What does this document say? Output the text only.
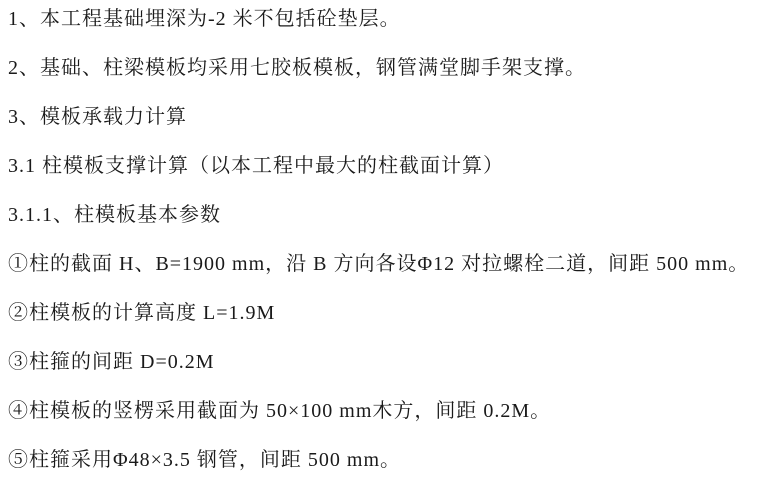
1、本工程基础埋深为-2 米不包括砼垫层。

2、基础、柱梁模板均采用七胶板模板，钢管满堂脚手架支撑。

3、模板承载力计算

3.1 柱模板支撑计算（以本工程中最大的柱截面计算）

3.1.1、柱模板基本参数

①柱的截面 H、B=1900 mm，沿 B 方向各设Φ12 对拉螺栓二道，间距 500 mm。

②柱模板的计算高度 L=1.9M

③柱箍的间距 D=0.2M

④柱模板的竖楞采用截面为 50×100 mm木方，间距 0.2M。

⑤柱箍采用Φ48×3.5 钢管，间距 500 mm。
